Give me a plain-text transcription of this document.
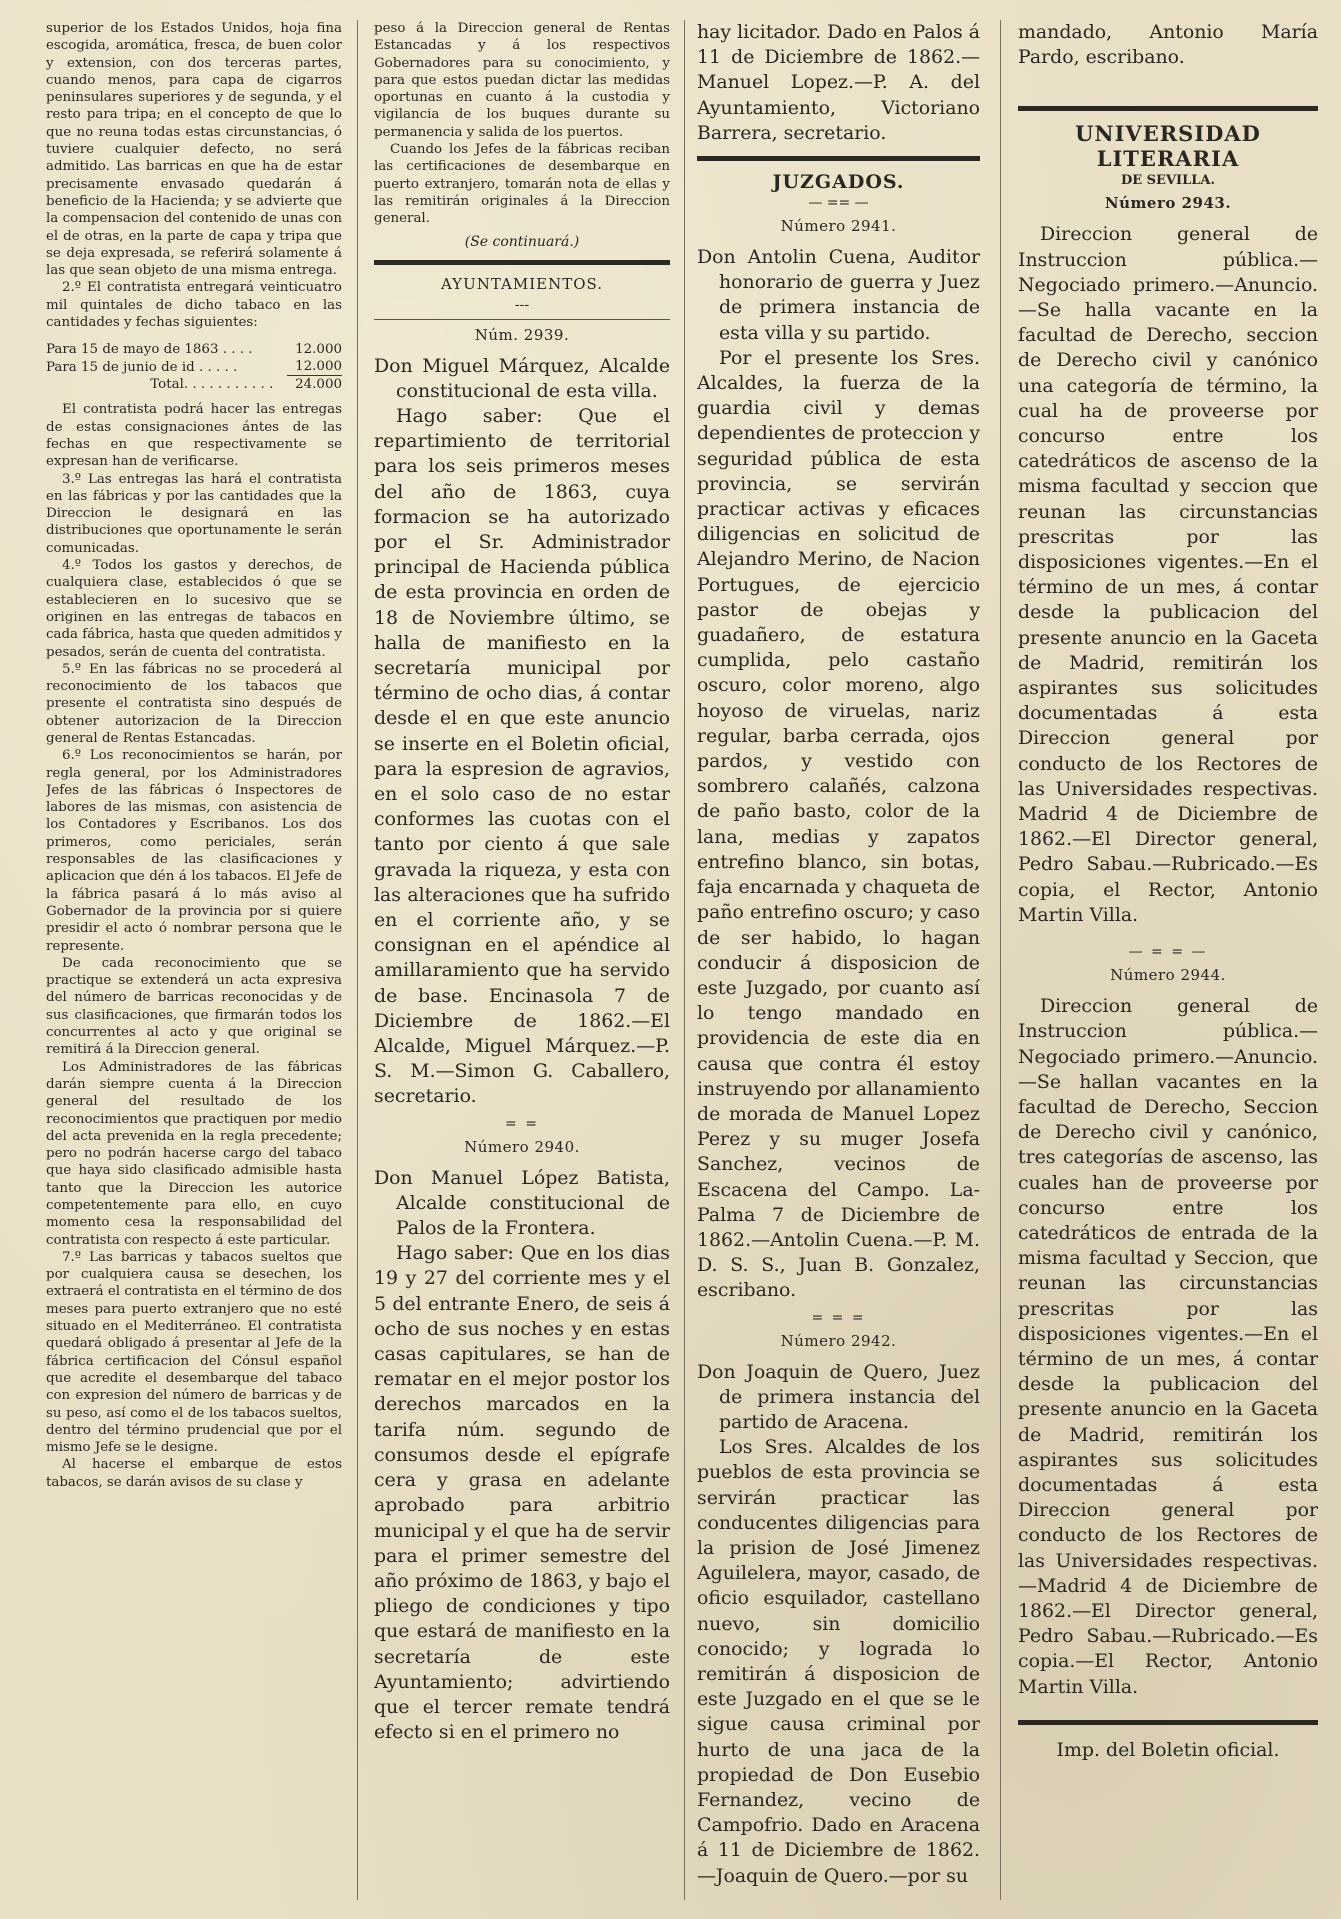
superior de los Estados Unidos, hoja fina escogida, aromática, fresca, de buen color y extension, con dos terceras partes, cuando menos, para capa de cigarros peninsulares superiores y de segunda, y el resto para tripa; en el concepto de que lo que no reuna todas estas circunstancias, ó tuviere cualquier defecto, no será admitido. Las barricas en que ha de estar precisamente envasado quedarán á beneficio de la Hacienda; y se advierte que la compensacion del contenido de unas con el de otras, en la parte de capa y tripa que se deja expresada, se referirá solamente á las que sean objeto de una misma entrega.

2.º El contratista entregará veinticuatro mil quintales de dicho tabaco en las cantidades y fechas siguientes:

Para 15 de mayo de 1863 . . . .	12.000
Para 15 de junio de id . . . . .	12.000
Total. . . . . . . . . . .	24.000

El contratista podrá hacer las entregas de estas consignaciones ántes de las fechas en que respectivamente se expresan han de verificarse.

3.º Las entregas las hará el contratista en las fábricas y por las cantidades que la Direccion le designará en las distribuciones que oportunamente le serán comunicadas.

4.º Todos los gastos y derechos, de cualquiera clase, establecidos ó que se establecieren en lo sucesivo que se originen en las entregas de tabacos en cada fábrica, hasta que queden admitidos y pesados, serán de cuenta del contratista.

5.º En las fábricas no se procederá al reconocimiento de los tabacos que presente el contratista sino después de obtener autorizacion de la Direccion general de Rentas Estancadas.

6.º Los reconocimientos se harán, por regla general, por los Administradores Jefes de las fábricas ó Inspectores de labores de las mismas, con asistencia de los Contadores y Escribanos. Los dos primeros, como periciales, serán responsables de las clasificaciones y aplicacion que dén á los tabacos. El Jefe de la fábrica pasará á lo más aviso al Gobernador de la provincia por si quiere presidir el acto ó nombrar persona que le represente.

De cada reconocimiento que se practique se extenderá un acta expresiva del número de barricas reconocidas y de sus clasificaciones, que firmarán todos los concurrentes al acto y que original se remitirá á la Direccion general.

Los Administradores de las fábricas darán siempre cuenta á la Direccion general del resultado de los reconocimientos que practiquen por medio del acta prevenida en la regla precedente; pero no podrán hacerse cargo del tabaco que haya sido clasificado admisible hasta tanto que la Direccion les autorice competentemente para ello, en cuyo momento cesa la responsabilidad del contratista con respecto á este particular.

7.º Las barricas y tabacos sueltos que por cualquiera causa se desechen, los extraerá el contratista en el término de dos meses para puerto extranjero que no esté situado en el Mediterráneo. El contratista quedará obligado á presentar al Jefe de la fábrica certificacion del Cónsul español que acredite el desembarque del tabaco con expresion del número de barricas y de su peso, así como el de los tabacos sueltos, dentro del término prudencial que por el mismo Jefe se le designe.

Al hacerse el embarque de estos tabacos, se darán avisos de su clase y

peso á la Direccion general de Rentas Estancadas y á los respectivos Gobernadores para su conocimiento, y para que estos puedan dictar las medidas oportunas en cuanto á la custodia y vigilancia de los buques durante su permanencia y salida de los puertos.

Cuando los Jefes de la fábricas reciban las certificaciones de desembarque en puerto extranjero, tomarán nota de ellas y las remitirán originales á la Direccion general.

(Se continuará.)
AYUNTAMIENTOS.
---
Núm. 2939.

Don Miguel Márquez, Alcalde constitucional de esta villa.

Hago saber: Que el repartimiento de territorial para los seis primeros meses del año de 1863, cuya formacion se ha autorizado por el Sr. Administrador principal de Hacienda pública de esta provincia en orden de 18 de Noviembre último, se halla de manifiesto en la secretaría municipal por término de ocho dias, á contar desde el en que este anuncio se inserte en el Boletin oficial, para la espresion de agravios, en el solo caso de no estar conformes las cuotas con el tanto por ciento á que sale gravada la riqueza, y esta con las alteraciones que ha sufrido en el corriente año, y se consignan en el apéndice al amillaramiento que ha servido de base. Encinasola 7 de Diciembre de 1862.—El Alcalde, Miguel Márquez.—P. S. M.—Simon G. Caballero, secretario.

= =
Número 2940.

Don Manuel López Batista, Alcalde constitucional de Palos de la Frontera.

Hago saber: Que en los dias 19 y 27 del corriente mes y el 5 del entrante Enero, de seis á ocho de sus noches y en estas casas capitulares, se han de rematar en el mejor postor los derechos marcados en la tarifa núm. segundo de consumos desde el epígrafe cera y grasa en adelante aprobado para arbitrio municipal y el que ha de servir para el primer semestre del año próximo de 1863, y bajo el pliego de condiciones y tipo que estará de manifiesto en la secretaría de este Ayuntamiento; advirtiendo que el tercer remate tendrá efecto si en el primero no

hay licitador. Dado en Palos á 11 de Diciembre de 1862.—Manuel Lopez.—P. A. del Ayuntamiento, Victoriano Barrera, secretario.

JUZGADOS.
— == —
Número 2941.

Don Antolin Cuena, Auditor honorario de guerra y Juez de primera instancia de esta villa y su partido.

Por el presente los Sres. Alcaldes, la fuerza de la guardia civil y demas dependientes de proteccion y seguridad pública de esta provincia, se servirán practicar activas y eficaces diligencias en solicitud de Alejandro Merino, de Nacion Portugues, de ejercicio pastor de obejas y guadañero, de estatura cumplida, pelo castaño oscuro, color moreno, algo hoyoso de viruelas, nariz regular, barba cerrada, ojos pardos, y vestido con sombrero calañés, calzona de paño basto, color de la lana, medias y zapatos entrefino blanco, sin botas, faja encarnada y chaqueta de paño entrefino oscuro; y caso de ser habido, lo hagan conducir á disposicion de este Juzgado, por cuanto así lo tengo mandado en providencia de este dia en causa que contra él estoy instruyendo por allanamiento de morada de Manuel Lopez Perez y su muger Josefa Sanchez, vecinos de Escacena del Campo. La-Palma 7 de Diciembre de 1862.—Antolin Cuena.—P. M. D. S. S., Juan B. Gonzalez, escribano.

= = =
Número 2942.

Don Joaquin de Quero, Juez de primera instancia del partido de Aracena.

Los Sres. Alcaldes de los pueblos de esta provincia se servirán practicar las conducentes diligencias para la prision de José Jimenez Aguilelera, mayor, casado, de oficio esquilador, castellano nuevo, sin domicilio conocido; y lograda lo remitirán á disposicion de este Juzgado en el que se le sigue causa criminal por hurto de una jaca de la propiedad de Don Eusebio Fernandez, vecino de Campofrio. Dado en Aracena á 11 de Diciembre de 1862.—Joaquin de Quero.—por su

mandado, Antonio María Pardo, escribano.

UNIVERSIDAD LITERARIA
DE SEVILLA.
Número 2943.

Direccion general de Instruccion pública.—Negociado primero.—Anuncio.—Se halla vacante en la facultad de Derecho, seccion de Derecho civil y canónico una categoría de término, la cual ha de proveerse por concurso entre los catedráticos de ascenso de la misma facultad y seccion que reunan las circunstancias prescritas por las disposiciones vigentes.—En el término de un mes, á contar desde la publicacion del presente anuncio en la Gaceta de Madrid, remitirán los aspirantes sus solicitudes documentadas á esta Direccion general por conducto de los Rectores de las Universidades respectivas. Madrid 4 de Diciembre de 1862.—El Director general, Pedro Sabau.—Rubricado.—Es copia, el Rector, Antonio Martin Villa.

— = = —
Número 2944.

Direccion general de Instruccion pública.—Negociado primero.—Anuncio.—Se hallan vacantes en la facultad de Derecho, Seccion de Derecho civil y canónico, tres categorías de ascenso, las cuales han de proveerse por concurso entre los catedráticos de entrada de la misma facultad y Seccion, que reunan las circunstancias prescritas por las disposiciones vigentes.—En el término de un mes, á contar desde la publicacion del presente anuncio en la Gaceta de Madrid, remitirán los aspirantes sus solicitudes documentadas á esta Direccion general por conducto de los Rectores de las Universidades respectivas.—Madrid 4 de Diciembre de 1862.—El Director general, Pedro Sabau.—Rubricado.—Es copia.—El Rector, Antonio Martin Villa.

Imp. del Boletin oficial.
